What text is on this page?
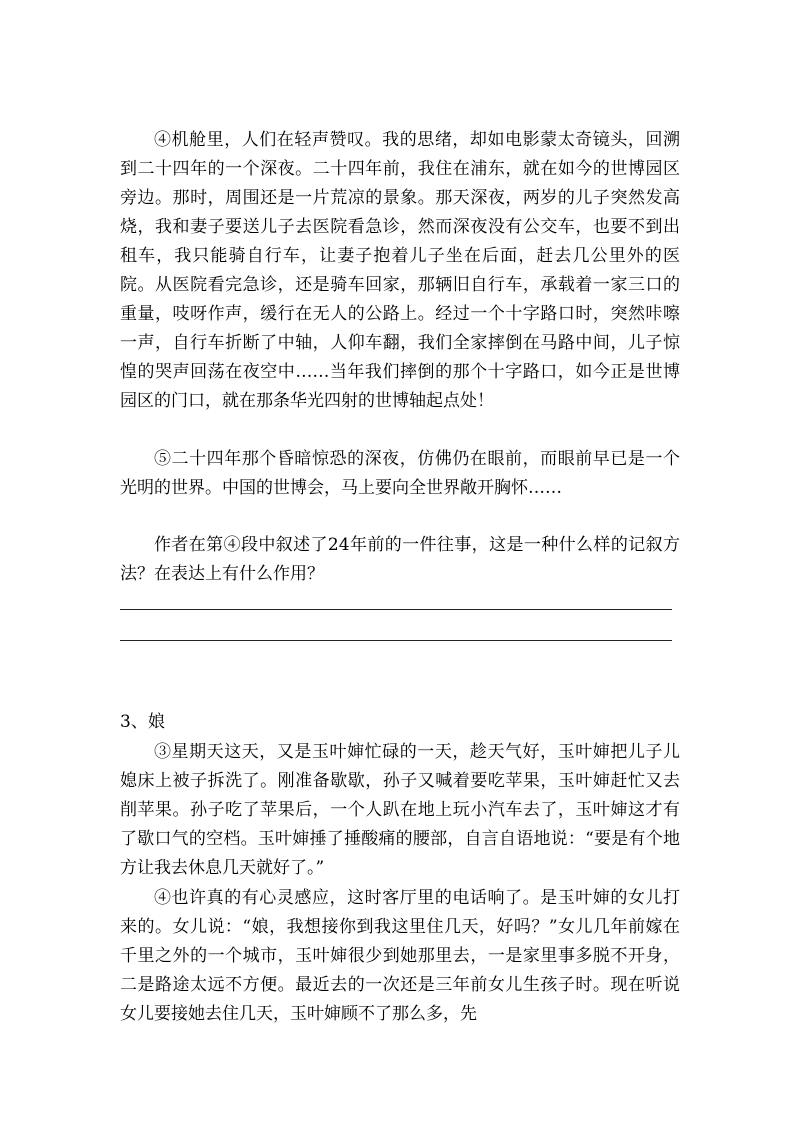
④机舱里，人们在轻声赞叹。我的思绪，却如电影蒙太奇镜头，回溯到二十四年的一个深夜。二十四年前，我住在浦东，就在如今的世博园区旁边。那时，周围还是一片荒凉的景象。那天深夜，两岁的儿子突然发高烧，我和妻子要送儿子去医院看急诊，然而深夜没有公交车，也要不到出租车，我只能骑自行车，让妻子抱着儿子坐在后面，赶去几公里外的医院。从医院看完急诊，还是骑车回家，那辆旧自行车，承载着一家三口的重量，吱呀作声，缓行在无人的公路上。经过一个十字路口时，突然咔嚓一声，自行车折断了中轴，人仰车翻，我们全家摔倒在马路中间，儿子惊惶的哭声回荡在夜空中……当年我们摔倒的那个十字路口，如今正是世博园区的门口，就在那条华光四射的世博轴起点处！

⑤二十四年那个昏暗惊恐的深夜，仿佛仍在眼前，而眼前早已是一个光明的世界。中国的世博会，马上要向全世界敞开胸怀……

作者在第④段中叙述了24年前的一件往事，这是一种什么样的记叙方法？在表达上有什么作用？

3、娘

③星期天这天，又是玉叶婶忙碌的一天，趁天气好，玉叶婶把儿子儿媳床上被子拆洗了。刚准备歇歇，孙子又喊着要吃苹果，玉叶婶赶忙又去削苹果。孙子吃了苹果后，一个人趴在地上玩小汽车去了，玉叶婶这才有了歇口气的空档。玉叶婶捶了捶酸痛的腰部，自言自语地说：“要是有个地方让我去休息几天就好了。”

④也许真的有心灵感应，这时客厅里的电话响了。是玉叶婶的女儿打来的。女儿说：“娘，我想接你到我这里住几天，好吗？”女儿几年前嫁在千里之外的一个城市，玉叶婶很少到她那里去，一是家里事多脱不开身，二是路途太远不方便。最近去的一次还是三年前女儿生孩子时。现在听说女儿要接她去住几天，玉叶婶顾不了那么多，先
